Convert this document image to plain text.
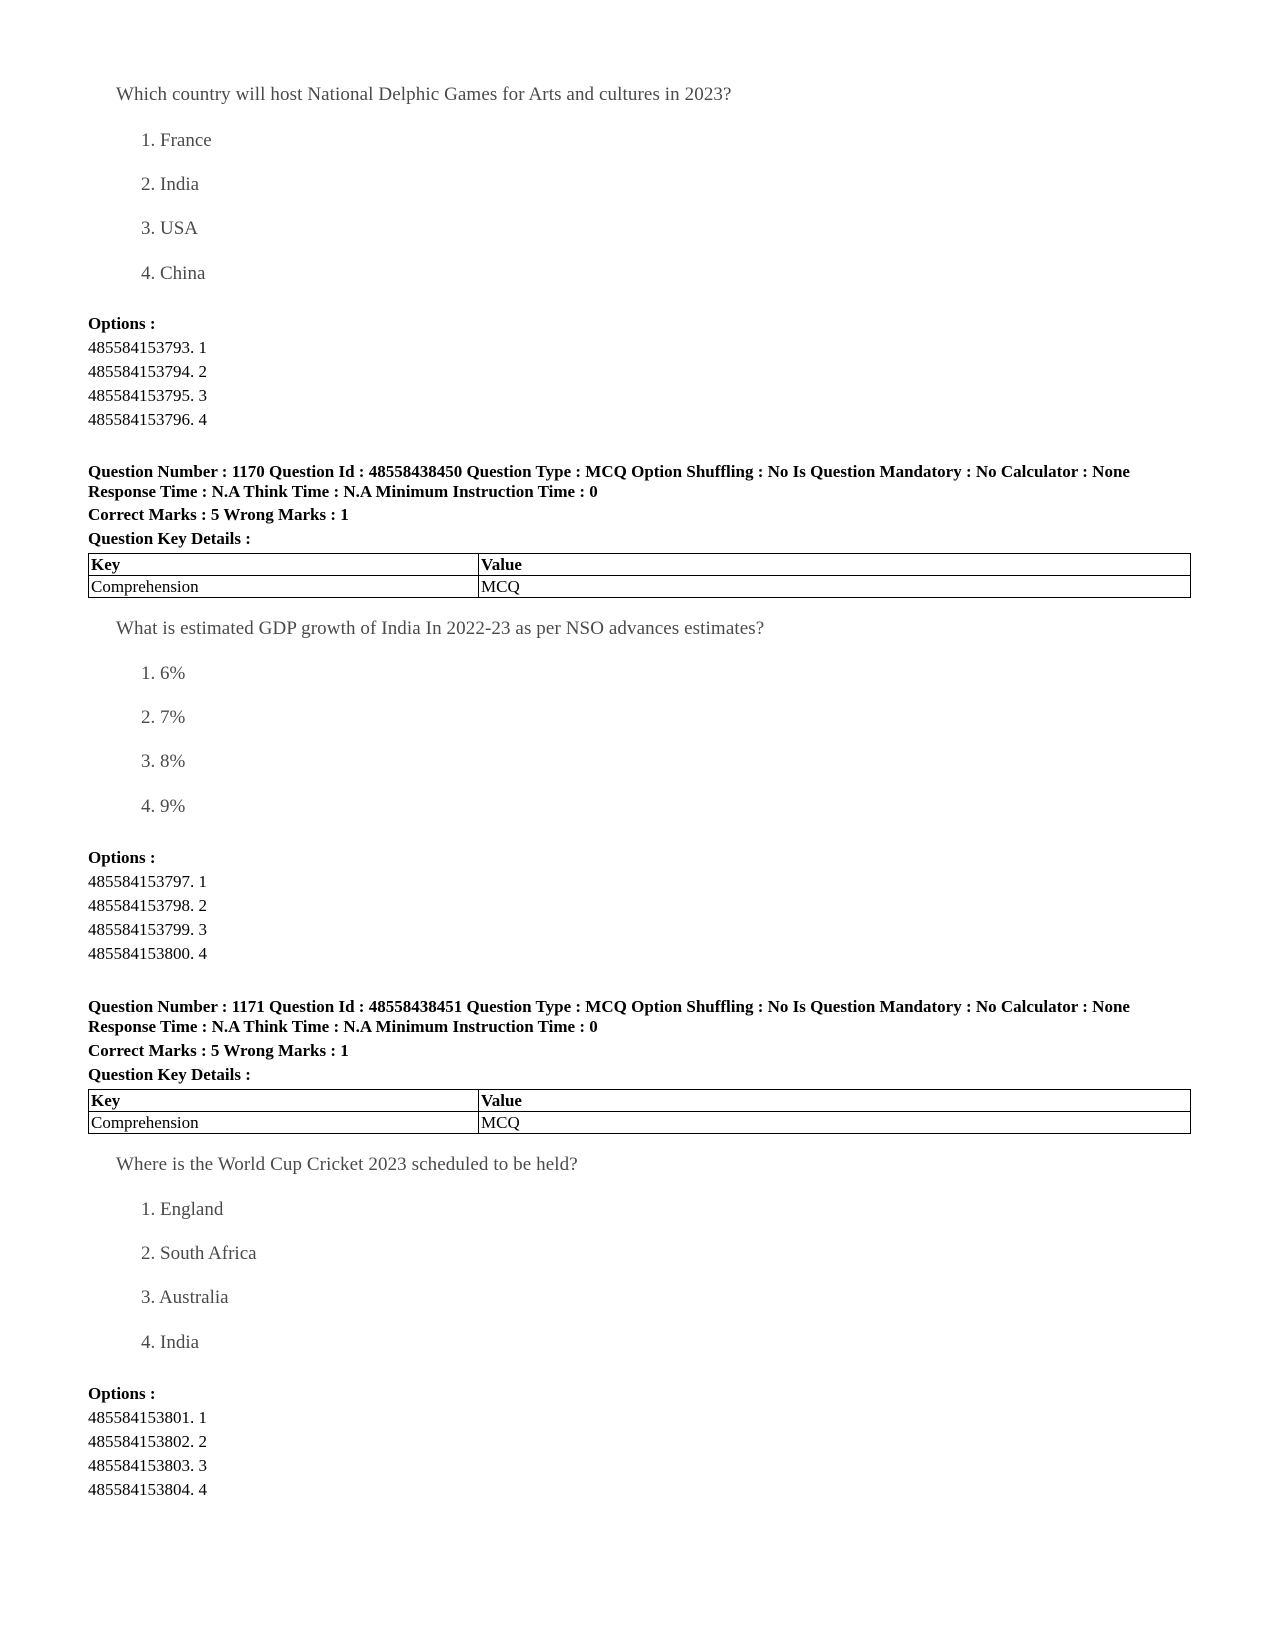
Which country will host National Delphic Games for Arts and cultures in 2023?
1. France
2. India
3. USA
4. China
Options :
485584153793. 1
485584153794. 2
485584153795. 3
485584153796. 4
Question Number : 1170 Question Id : 48558438450 Question Type : MCQ Option Shuffling : No Is Question Mandatory : No Calculator : None
Response Time : N.A Think Time : N.A Minimum Instruction Time : 0
Correct Marks : 5 Wrong Marks : 1
Question Key Details :
Key	Value
Comprehension	MCQ
What is estimated GDP growth of India In 2022-23 as per NSO advances estimates?
1. 6%
2. 7%
3. 8%
4. 9%
Options :
485584153797. 1
485584153798. 2
485584153799. 3
485584153800. 4
Question Number : 1171 Question Id : 48558438451 Question Type : MCQ Option Shuffling : No Is Question Mandatory : No Calculator : None
Response Time : N.A Think Time : N.A Minimum Instruction Time : 0
Correct Marks : 5 Wrong Marks : 1
Question Key Details :
Key	Value
Comprehension	MCQ
Where is the World Cup Cricket 2023 scheduled to be held?
1. England
2. South Africa
3. Australia
4. India
Options :
485584153801. 1
485584153802. 2
485584153803. 3
485584153804. 4
